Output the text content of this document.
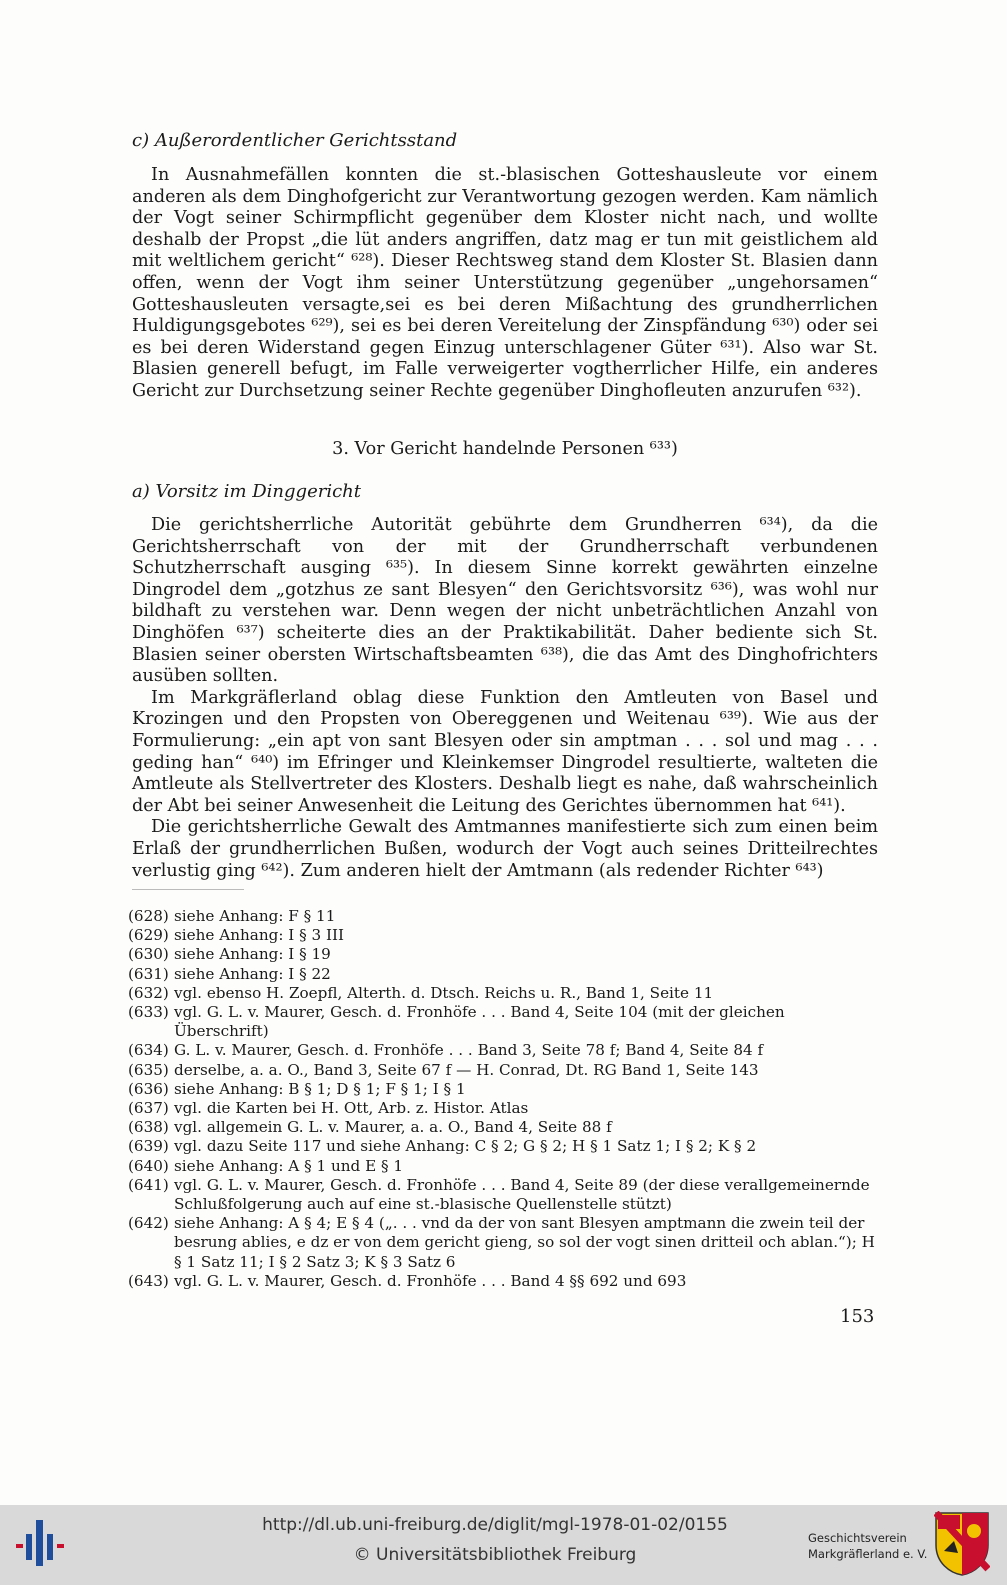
c) Außerordentlicher Gerichtsstand

In Ausnahmefällen konnten die st.-blasischen Gotteshausleute vor einem anderen als dem Dinghofgericht zur Verantwortung gezogen werden. Kam nämlich der Vogt seiner Schirmpflicht gegenüber dem Kloster nicht nach, und wollte deshalb der Propst „die lüt anders angriffen, datz mag er tun mit geistlichem ald mit weltlichem gericht“ ⁶²⁸). Dieser Rechtsweg stand dem Kloster St. Blasien dann offen, wenn der Vogt ihm seiner Unterstützung gegenüber „ungehorsamen“ Gotteshausleuten versagte,sei es bei deren Mißachtung des grundherrlichen Huldigungsgebotes ⁶²⁹), sei es bei deren Vereitelung der Zinspfändung ⁶³⁰) oder sei es bei deren Widerstand gegen Einzug unterschlagener Güter ⁶³¹). Also war St. Blasien generell befugt, im Falle verweigerter vogtherrlicher Hilfe, ein anderes Gericht zur Durchsetzung seiner Rechte gegenüber Dinghofleuten anzurufen ⁶³²).

3. Vor Gericht handelnde Personen ⁶³³)
a) Vorsitz im Dinggericht

Die gerichtsherrliche Autorität gebührte dem Grundherren ⁶³⁴), da die Gerichtsherrschaft von der mit der Grundherrschaft verbundenen Schutzherrschaft ausging ⁶³⁵). In diesem Sinne korrekt gewährten einzelne Dingrodel dem „gotzhus ze sant Blesyen“ den Gerichtsvorsitz ⁶³⁶), was wohl nur bildhaft zu verstehen war. Denn wegen der nicht unbeträchtlichen Anzahl von Dinghöfen ⁶³⁷) scheiterte dies an der Praktikabilität. Daher bediente sich St. Blasien seiner obersten Wirtschaftsbeamten ⁶³⁸), die das Amt des Dinghofrichters ausüben sollten.

Im Markgräflerland oblag diese Funktion den Amtleuten von Basel und Krozingen und den Propsten von Obereggenen und Weitenau ⁶³⁹). Wie aus der Formulierung: „ein apt von sant Blesyen oder sin amptman . . . sol und mag . . . geding han“ ⁶⁴⁰) im Efringer und Kleinkemser Dingrodel resultierte, walteten die Amtleute als Stellvertreter des Klosters. Deshalb liegt es nahe, daß wahrscheinlich der Abt bei seiner Anwesenheit die Leitung des Gerichtes übernommen hat ⁶⁴¹).

Die gerichtsherrliche Gewalt des Amtmannes manifestierte sich zum einen beim Erlaß der grundherrlichen Bußen, wodurch der Vogt auch seines Dritteilrechtes verlustig ging ⁶⁴²). Zum anderen hielt der Amtmann (als redender Richter ⁶⁴³)

(628) siehe Anhang: F § 11
(629) siehe Anhang: I § 3 III
(630) siehe Anhang: I § 19
(631) siehe Anhang: I § 22
(632) vgl. ebenso H. Zoepfl, Alterth. d. Dtsch. Reichs u. R., Band 1, Seite 11
(633) vgl. G. L. v. Maurer, Gesch. d. Fronhöfe . . . Band 4, Seite 104 (mit der gleichen Überschrift)
(634) G. L. v. Maurer, Gesch. d. Fronhöfe . . . Band 3, Seite 78 f; Band 4, Seite 84 f
(635) derselbe, a. a. O., Band 3, Seite 67 f — H. Conrad, Dt. RG Band 1, Seite 143
(636) siehe Anhang: B § 1; D § 1; F § 1; I § 1
(637) vgl. die Karten bei H. Ott, Arb. z. Histor. Atlas
(638) vgl. allgemein G. L. v. Maurer, a. a. O., Band 4, Seite 88 f
(639) vgl. dazu Seite 117 und siehe Anhang: C § 2; G § 2; H § 1 Satz 1; I § 2; K § 2
(640) siehe Anhang: A § 1 und E § 1
(641) vgl. G. L. v. Maurer, Gesch. d. Fronhöfe . . . Band 4, Seite 89 (der diese verallgemeinernde Schlußfolgerung auch auf eine st.-blasische Quellenstelle stützt)
(642) siehe Anhang: A § 4; E § 4 („. . . vnd da der von sant Blesyen amptmann die zwein teil der besrung ablies, e dz er von dem gericht gieng, so sol der vogt sinen dritteil och ablan.“); H § 1 Satz 11; I § 2 Satz 3; K § 3 Satz 6
(643) vgl. G. L. v. Maurer, Gesch. d. Fronhöfe . . . Band 4 §§ 692 und 693
153
http://dl.ub.uni-freiburg.de/diglit/mgl-1978-01-02/0155
© Universitätsbibliothek Freiburg
Geschichtsverein
Markgräflerland e. V.
